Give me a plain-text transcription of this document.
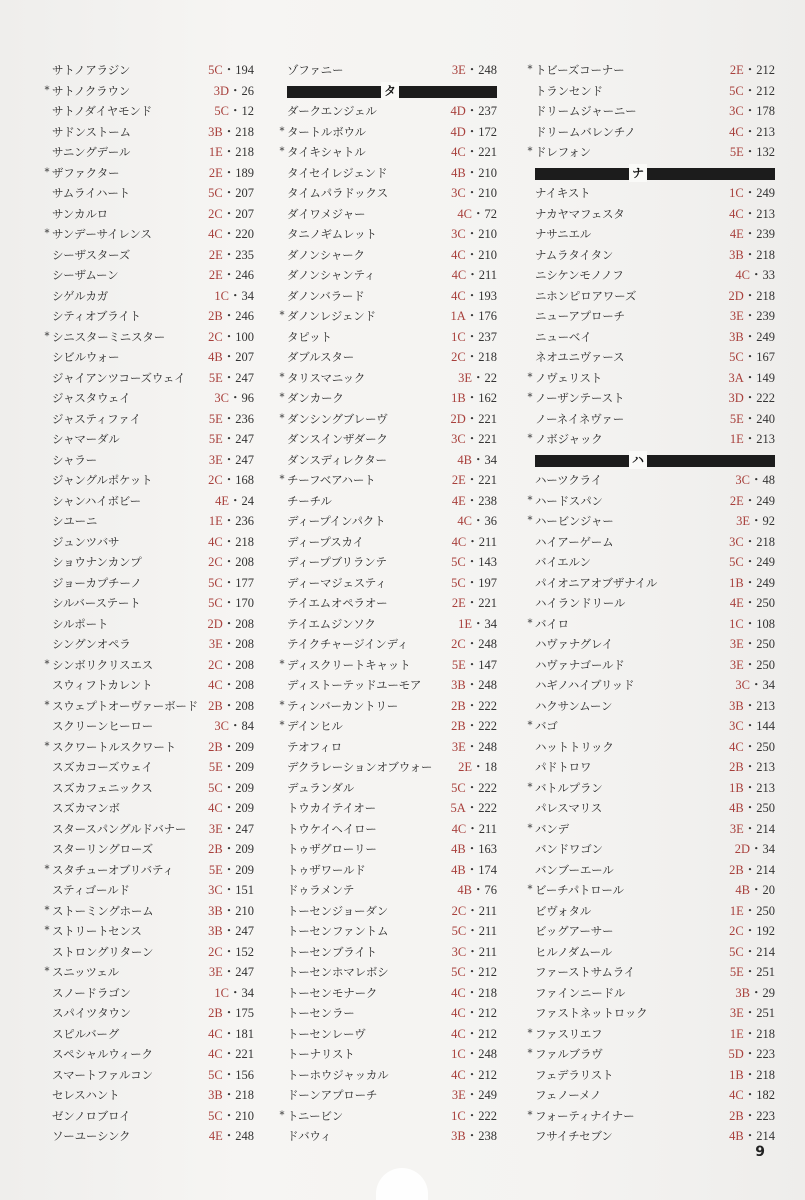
サトノアラジン	5C・194
* サトノクラウン	3D・26
サトノダイヤモンド	5C・12
サドンストーム	3B・218
サニングデール	1E・218
* ザファクター	2E・189
サムライハート	5C・207
サンカルロ	2C・207
* サンデーサイレンス	4C・220
シーザスターズ	2E・235
シーザムーン	2E・246
シゲルカガ	1C・34
シティオブライト	2B・246
* シニスターミニスター	2C・100
シビルウォー	4B・207
ジャイアンツコーズウェイ 5E・247
ジャスタウェイ	3C・96
ジャスティファイ	5E・236
シャマーダル	5E・247
シャラー	3E・247
ジャングルポケット	2C・168
シャンハイボビー	4E・24
シユーニ	1E・236
ジュンツバサ	4C・218
ショウナンカンプ	2C・208
ジョーカプチーノ	5C・177
シルバーステート	5C・170
シルポート	2D・208
シングンオペラ	3E・208
* シンボリクリスエス	2C・208
スウィフトカレント	4C・208
* スウェプトオーヴァーボード 2B・208
スクリーンヒーロー	3C・84
* スクワートルスクワート	2B・209
スズカコーズウェイ	5E・209
スズカフェニックス	5C・209
スズカマンボ	4C・209
スタースパングルドバナー 3E・247
スターリングローズ	2B・209
* スタチューオブリバティ	5E・209
スティゴールド	3C・151
* ストーミングホーム	3B・210
* ストリートセンス	3B・247
ストロングリターン	2C・152
* スニッツェル	3E・247
スノードラゴン	1C・34
スパイツタウン	2B・175
スピルバーグ	4C・181
スペシャルウィーク	4C・221
スマートファルコン	5C・156
セレスハント	3B・218
ゼンノロブロイ	5C・210
ソーユーシンク	4E・248
ゾファニー	3E・248
タ
ダークエンジェル	4D・237
* タートルボウル	4D・172
* タイキシャトル	4C・221
タイセイレジェンド	4B・210
タイムパラドックス	3C・210
ダイワメジャー	4C・72
タニノギムレット	3C・210
ダノンシャーク	4C・210
ダノンシャンティ	4C・211
ダノンバラード	4C・193
* ダノンレジェンド	1A・176
タピット	1C・237
ダブルスター	2C・218
* タリスマニック	3E・22
* ダンカーク	1B・162
* ダンシングブレーヴ	2D・221
ダンスインザダーク	3C・221
ダンスディレクター	4B・34
* チーフベアハート	2E・221
チーチル	4E・238
ディープインパクト	4C・36
ディープスカイ	4C・211
ディープブリランテ	5C・143
ディーマジェスティ	5C・197
テイエムオペラオー	2E・221
テイエムジンソク	1E・34
テイクチャージインディ	2C・248
* ディスクリートキャット	5E・147
ディストーテッドユーモア 3B・248
* ティンバーカントリー	2B・222
* デインヒル	2B・222
テオフィロ	3E・248
デクラレーションオブウォー 2E・18
デュランダル	5C・222
トウカイテイオー	5A・222
トウケイヘイロー	4C・211
トゥザグローリー	4B・163
トゥザワールド	4B・174
ドゥラメンテ	4B・76
トーセンジョーダン	2C・211
トーセンファントム	5C・211
トーセンブライト	3C・211
トーセンホマレボシ	5C・212
トーセンモナーク	4C・218
トーセンラー	4C・212
トーセンレーヴ	4C・212
トーナリスト	1C・248
トーホウジャッカル	4C・212
ドーンアプローチ	3E・249
* トニービン	1C・222
ドバウィ	3B・238
* トビーズコーナー	2E・212
トランセンド	5C・212
ドリームジャーニー	3C・178
ドリームバレンチノ	4C・213
* ドレフォン	5E・132
ナ
ナイキスト	1C・249
ナカヤマフェスタ	4C・213
ナサニエル	4E・239
ナムラタイタン	3B・218
ニシケンモノノフ	4C・33
ニホンピロアワーズ	2D・218
ニューアプローチ	3E・239
ニューベイ	3B・249
ネオユニヴァース	5C・167
* ノヴェリスト	3A・149
* ノーザンテースト	3D・222
ノーネイネヴァー	5E・240
* ノボジャック	1E・213
ハ
ハーツクライ	3C・48
* ハードスパン	2E・249
* ハービンジャー	3E・92
ハイアーゲーム	3C・218
バイエルン	5C・249
パイオニアオブザナイル	1B・249
ハイランドリール	4E・250
* バイロ	1C・108
ハヴァナグレイ	3E・250
ハヴァナゴールド	3E・250
ハギノハイブリッド	3C・34
ハクサンムーン	3B・213
* バゴ	3C・144
ハットトリック	4C・250
パドトロワ	2B・213
* バトルプラン	1B・213
パレスマリス	4B・250
* バンデ	3E・214
バンドワゴン	2D・34
バンブーエール	2B・214
* ビーチパトロール	4B・20
ビヴォタル	1E・250
ビッグアーサー	2C・192
ヒルノダムール	5C・214
ファーストサムライ	5E・251
ファインニードル	3B・29
ファストネットロック	3E・251
* ファスリエフ	1E・218
* ファルブラヴ	5D・223
フェデラリスト	1B・218
フェノーメノ	4C・182
* フォーティナイナー	2B・223
フサイチセブン	4B・214
9
